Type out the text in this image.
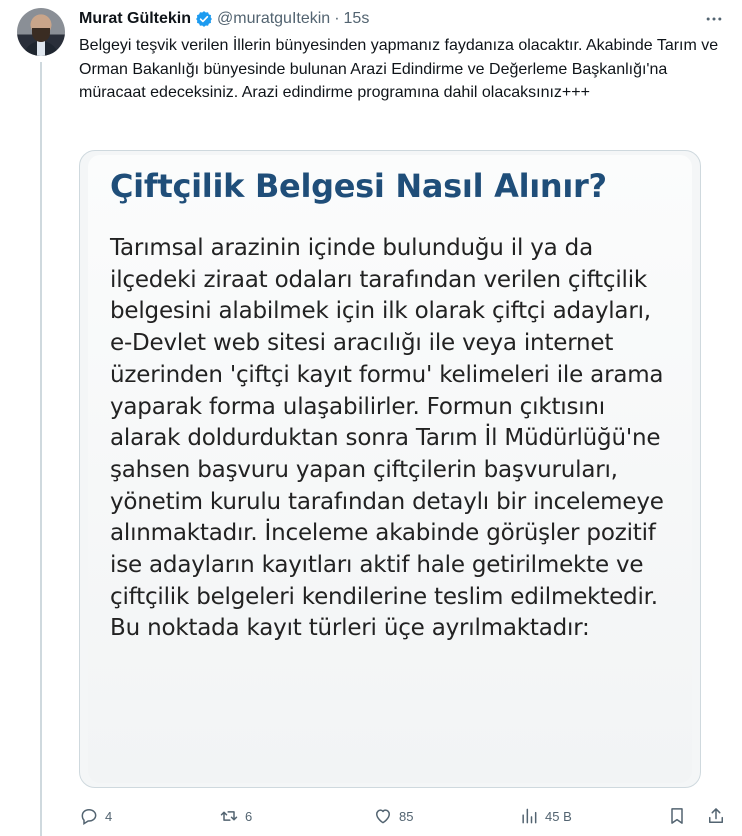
Murat Gültekin @muratguItekin · 15s

Belgeyi teşvik verilen İllerin bünyesinden yapmanız faydanıza olacaktır. Akabinde Tarım ve Orman Bakanlığı bünyesinde bulunan Arazi Edindirme ve Değerleme Başkanlığı'na müracaat edeceksiniz. Arazi edindirme programına dahil olacaksınız+++

Çiftçilik Belgesi Nasıl Alınır?

Tarımsal arazinin içinde bulunduğu il ya da ilçedeki ziraat odaları tarafından verilen çiftçilik belgesini alabilmek için ilk olarak çiftçi adayları, e-Devlet web sitesi aracılığı ile veya internet üzerinden 'çiftçi kayıt formu' kelimeleri ile arama yaparak forma ulaşabilirler. Formun çıktısını alarak doldurduktan sonra Tarım İl Müdürlüğü'ne şahsen başvuru yapan çiftçilerin başvuruları, yönetim kurulu tarafından detaylı bir incelemeye alınmaktadır. İnceleme akabinde görüşler pozitif ise adayların kayıtları aktif hale getirilmekte ve çiftçilik belgeleri kendilerine teslim edilmektedir. Bu noktada kayıt türleri üçe ayrılmaktadır:

4	6	85	45 B
